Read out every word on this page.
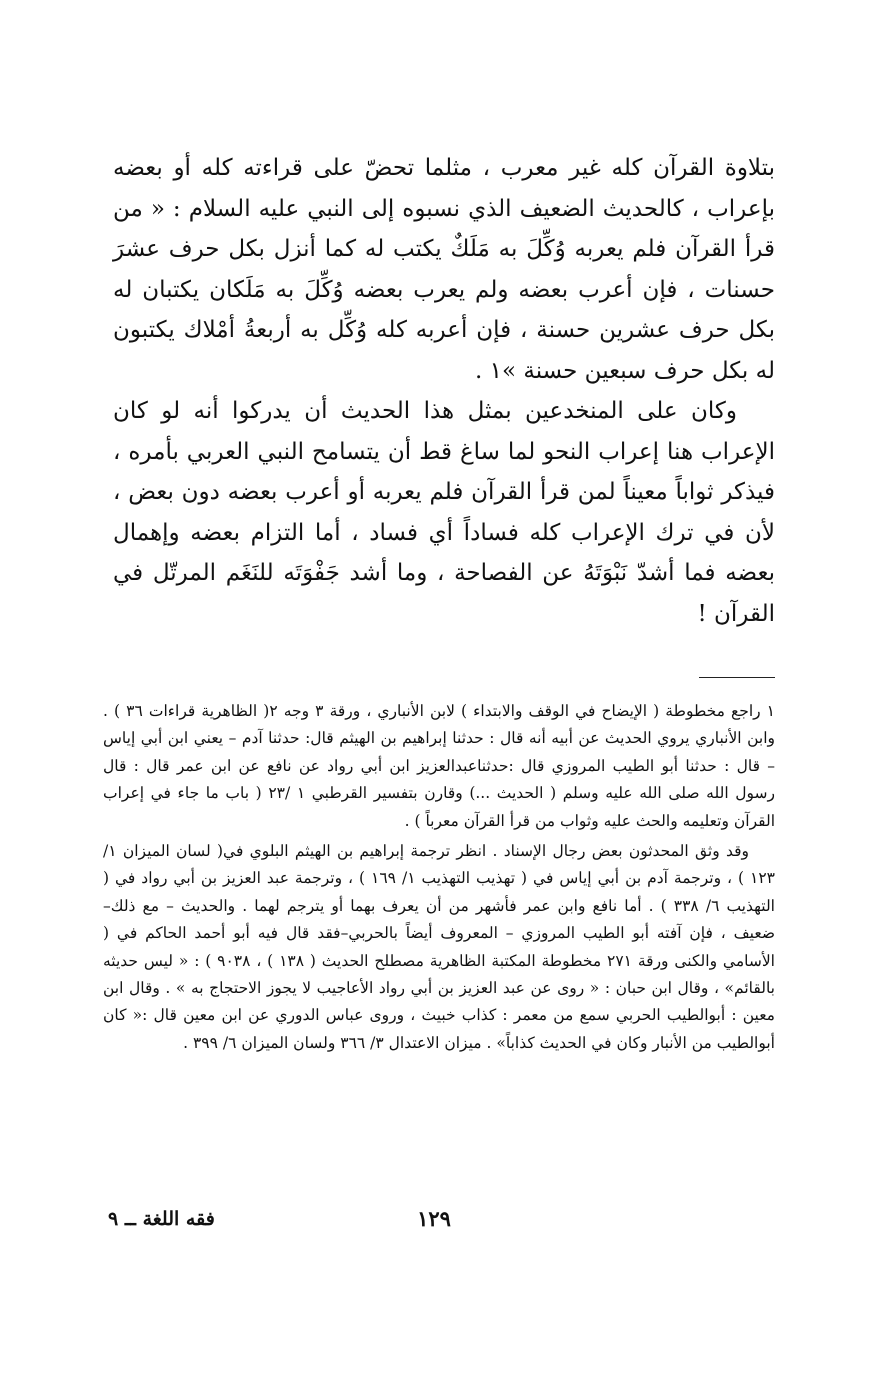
بتلاوة القرآن كله غير معرب ، مثلما تحضّ على قراءته كله أو بعضه بإعراب ، كالحديث الضعيف الذي نسبوه إلى النبي عليه السلام : « من قرأ القرآن فلم يعربه وُكِّلَ به مَلَكٌ يكتب له كما أنزل بكل حرف عشرَ حسنات ، فإن أعرب بعضه ولم يعرب بعضه وُكِّلَ به مَلَكان يكتبان له بكل حرف عشرين حسنة ، فإن أعربه كله وُكِّل به أربعةُ أمْلاك يكتبون له بكل حرف سبعين حسنة »١ .

وكان على المنخدعين بمثل هذا الحديث أن يدركوا أنه لو كان الإعراب هنا إعراب النحو لما ساغ قط أن يتسامح النبي العربي بأمره ، فيذكر ثواباً معيناً لمن قرأ القرآن فلم يعربه أو أعرب بعضه دون بعض ، لأن في ترك الإعراب كله فساداً أي فساد ، أما التزام بعضه وإهمال بعضه فما أشدّ نَبْوَتَهُ عن الفصاحة ، وما أشد جَفْوَتَه للنَغَم المرتّل في القرآن !

١راجع مخطوطة ( الإيضاح في الوقف والابتداء ) لابن الأنباري ، ورقة ٣ وجه ٢( الظاهرية قراءات ٣٦ ) . وابن الأنباري يروي الحديث عن أبيه أنه قال : حدثنا إبراهيم بن الهيثم قال: حدثنا آدم – يعني ابن أبي إياس – قال : حدثنا أبو الطيب المروزي قال :حدثناعبدالعزيز ابن أبي رواد عن نافع عن ابن عمر قال : قال رسول الله صلى الله عليه وسلم ( الحديث ...) وقارن بتفسير القرطبي ١ /٢٣ ( باب ما جاء في إعراب القرآن وتعليمه والحث عليه وثواب من قرأ القرآن معرباً ) .

وقد وثق المحدثون بعض رجال الإسناد . انظر ترجمة إبراهيم بن الهيثم البلوي في( لسان الميزان ١/ ١٢٣ ) ، وترجمة آدم بن أبي إياس في ( تهذيب التهذيب ١/ ١٦٩ ) ، وترجمة عبد العزيز بن أبي رواد في ( التهذيب ٦/ ٣٣٨ ) . أما نافع وابن عمر فأشهر من أن يعرف بهما أو يترجم لهما . والحديث – مع ذلك– ضعيف ، فإن آفته أبو الطيب المروزي – المعروف أيضاً بالحربي–فقد قال فيه أبو أحمد الحاكم في ( الأسامي والكنى ورقة ٢٧١ مخطوطة المكتبة الظاهرية مصطلح الحديث ( ١٣٨ ) ، ٩٠٣٨ ) : « ليس حديثه بالقائم» ، وقال ابن حبان : « روى عن عبد العزيز بن أبي رواد الأعاجيب لا يجوز الاحتجاج به » . وقال ابن معين : أبوالطيب الحربي سمع من معمر : كذاب خبيث ، وروى عباس الدوري عن ابن معين قال :« كان أبوالطيب من الأنبار وكان في الحديث كذاباً» . ميزان الاعتدال ٣/ ٣٦٦ ولسان الميزان ٦/ ٣٩٩ .

١٢٩
فقه اللغة ــ ٩
